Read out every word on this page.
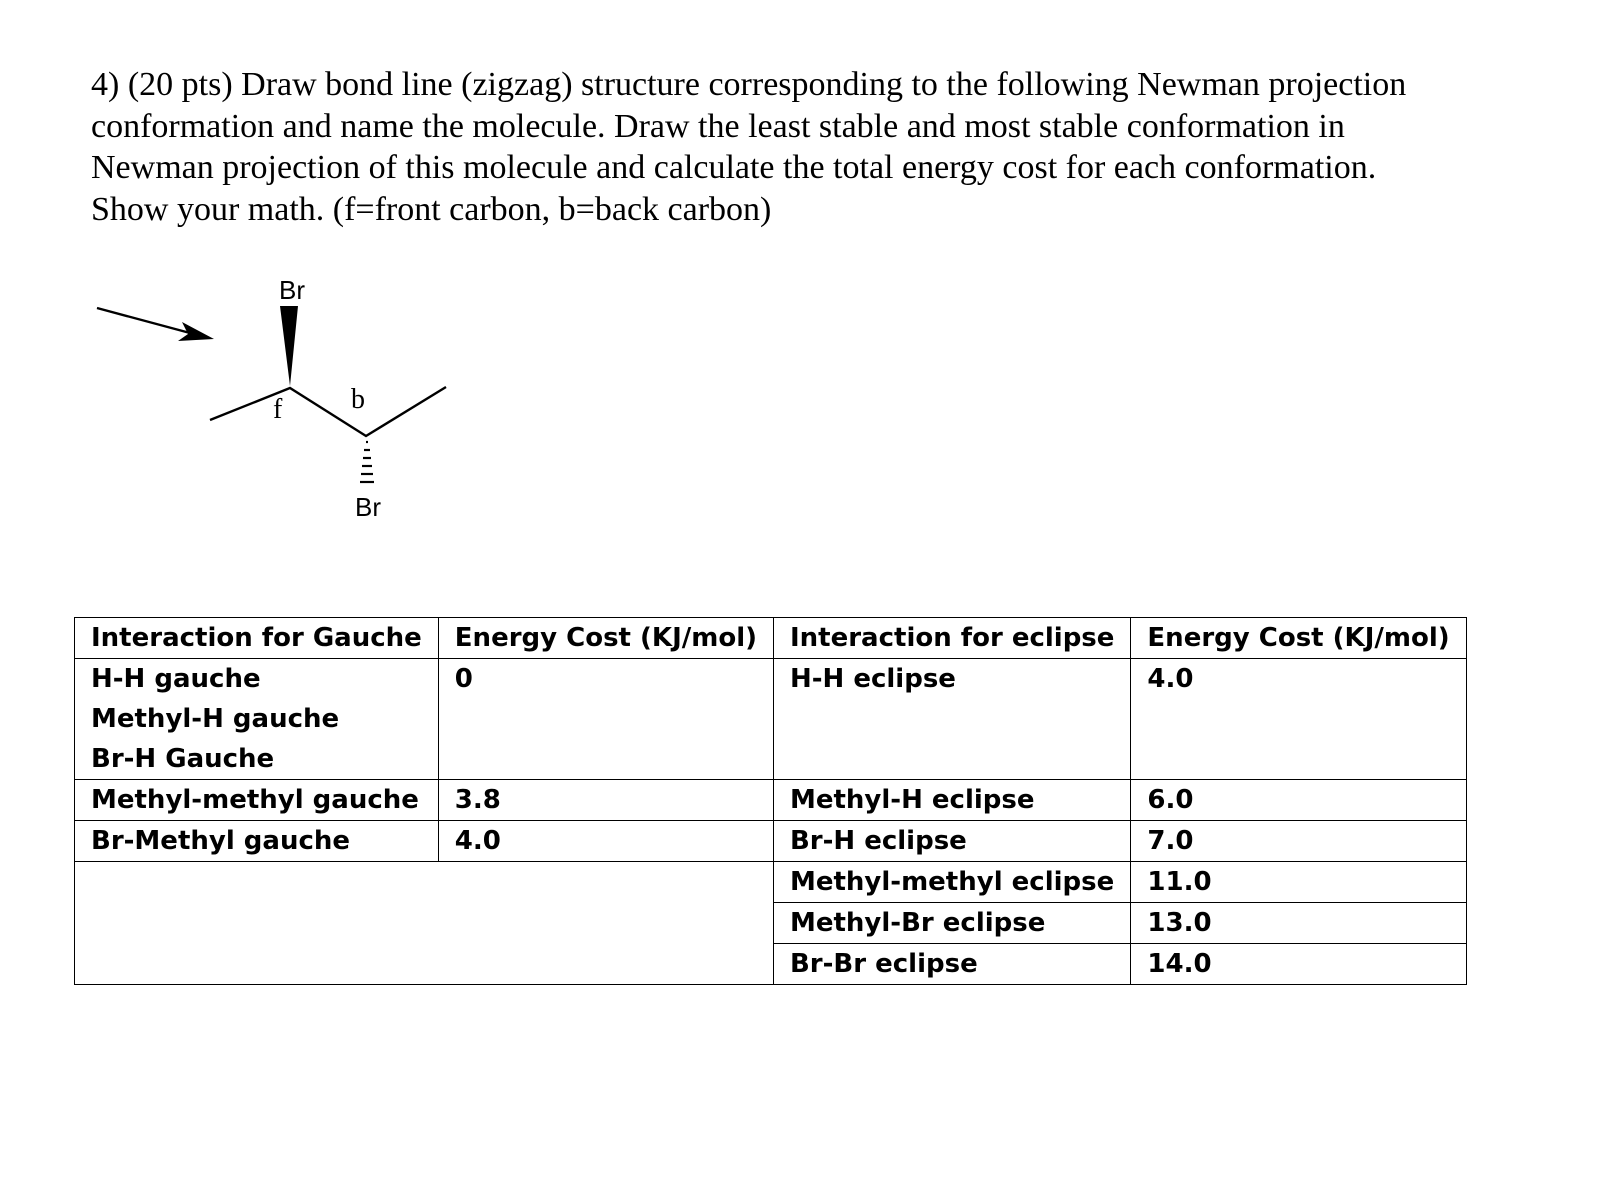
4) (20 pts) Draw bond line (zigzag) structure corresponding to the following Newman projection
conformation and name the molecule. Draw the least stable and most stable conformation in
Newman projection of this molecule and calculate the total energy cost for each conformation.
Show your math. (f=front carbon, b=back carbon)
Br
f b
Br
Interaction for Gauche	Energy Cost (KJ/mol)	Interaction for eclipse	Energy Cost (KJ/mol)

H-H gauche
Methyl-H gauche
Br-H Gauche	0	H-H eclipse	4.0
Methyl-methyl gauche	3.8	Methyl-H eclipse	6.0
Br-Methyl gauche	4.0	Br-H eclipse	7.0
		Methyl-methyl eclipse	11.0
		Methyl-Br eclipse	13.0
		Br-Br eclipse	14.0
